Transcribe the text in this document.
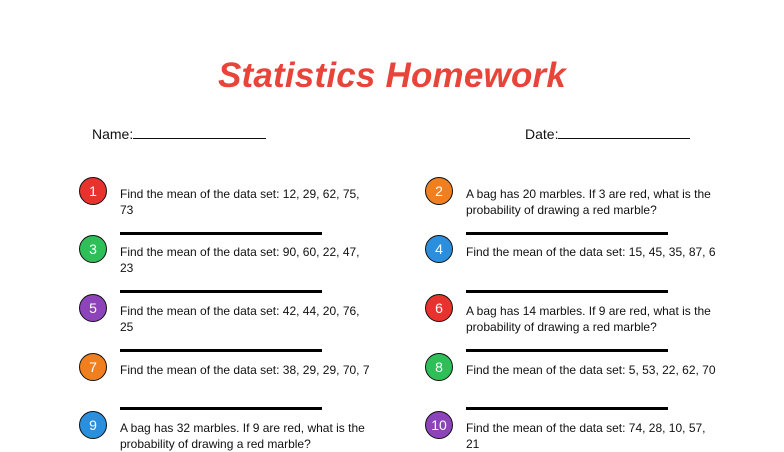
Statistics Homework
Name:	Date:
1	Find the mean of the data set: 12, 29, 62, 75, 73
3	Find the mean of the data set: 90, 60, 22, 47, 23
5	Find the mean of the data set: 42, 44, 20, 76, 25
7	Find the mean of the data set: 38, 29, 29, 70, 7
9	A bag has 32 marbles. If 9 are red, what is the probability of drawing a red marble?
2	A bag has 20 marbles. If 3 are red, what is the probability of drawing a red marble?
4	Find the mean of the data set: 15, 45, 35, 87, 6
6	A bag has 14 marbles. If 9 are red, what is the probability of drawing a red marble?
8	Find the mean of the data set: 5, 53, 22, 62, 70
10	Find the mean of the data set: 74, 28, 10, 57, 21
